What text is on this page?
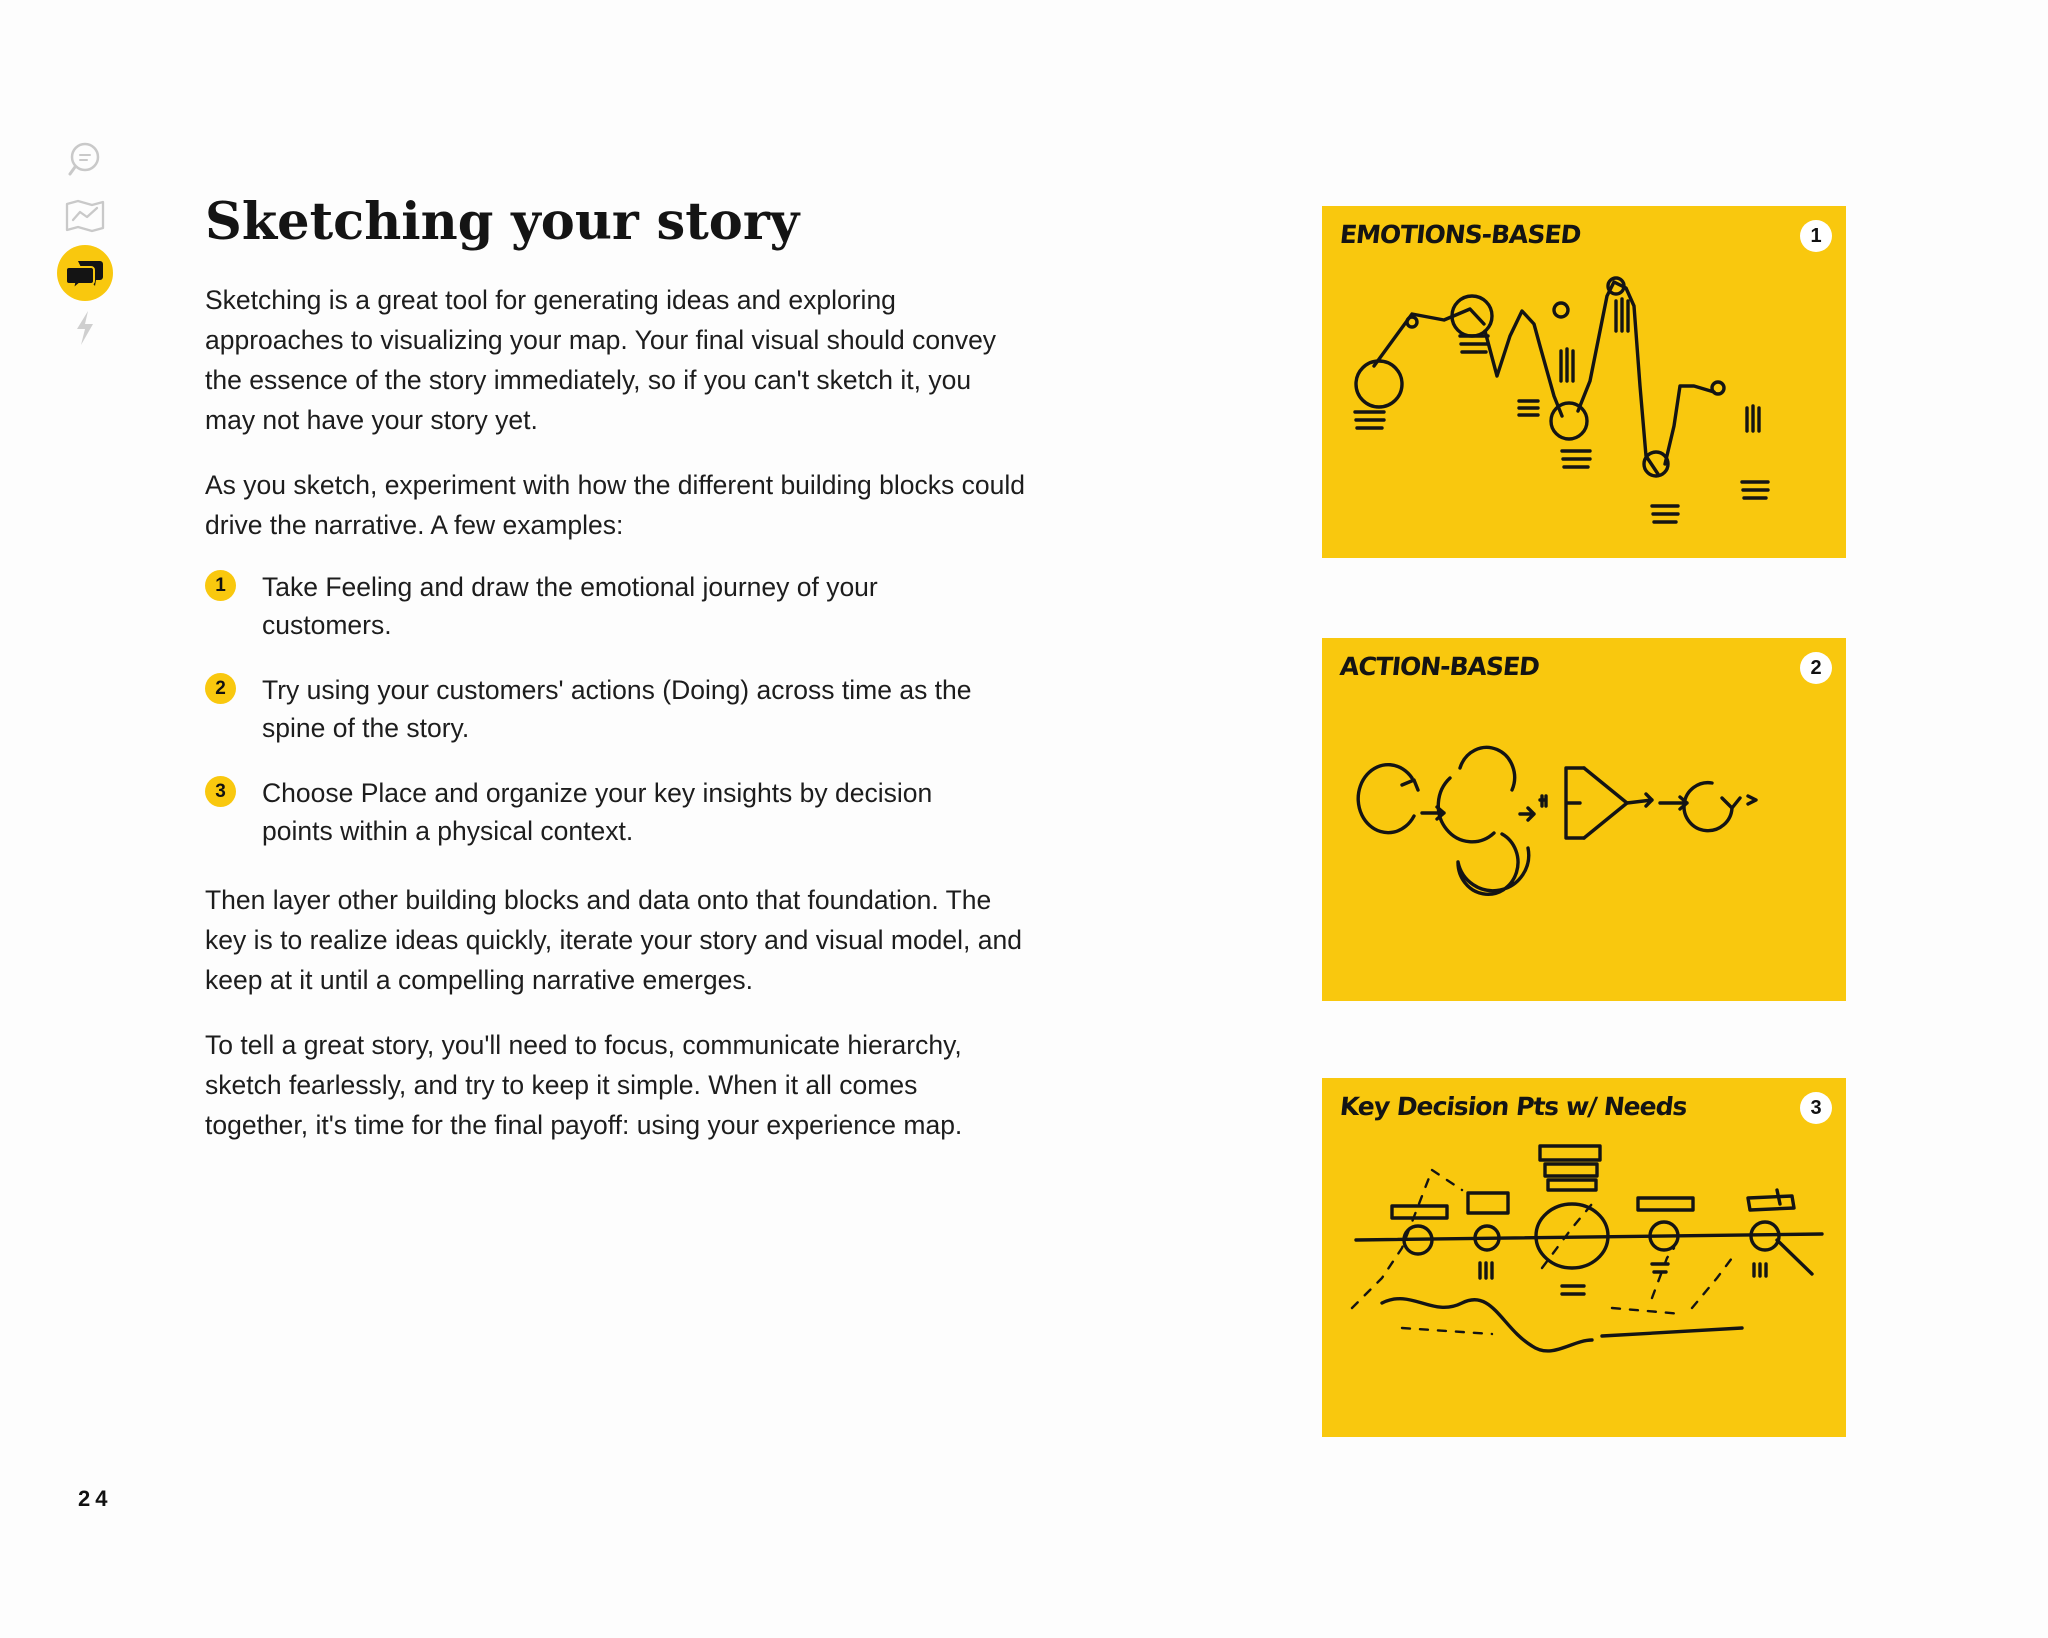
Sketching your story

Sketching is a great tool for generating ideas and exploring approaches to visualizing your map. Your final visual should convey the essence of the story immediately, so if you can't sketch it, you may not have your story yet.

As you sketch, experiment with how the different building blocks could drive the narrative. A few examples:

1	Take Feeling and draw the emotional journey of your customers.

2	Try using your customers' actions (Doing) across time as the spine of the story.

3	Choose Place and organize your key insights by decision points within a physical context.

Then layer other building blocks and data onto that foundation. The key is to realize ideas quickly, iterate your story and visual model, and keep at it until a compelling narrative emerges.

To tell a great story, you'll need to focus, communicate hierarchy, sketch fearlessly, and try to keep it simple. When it all comes together, it's time for the final payoff: using your experience map.

24
EMOTIONS-BASED	1
ACTION-BASED	2
Key Decision Pts w/ Needs	3
